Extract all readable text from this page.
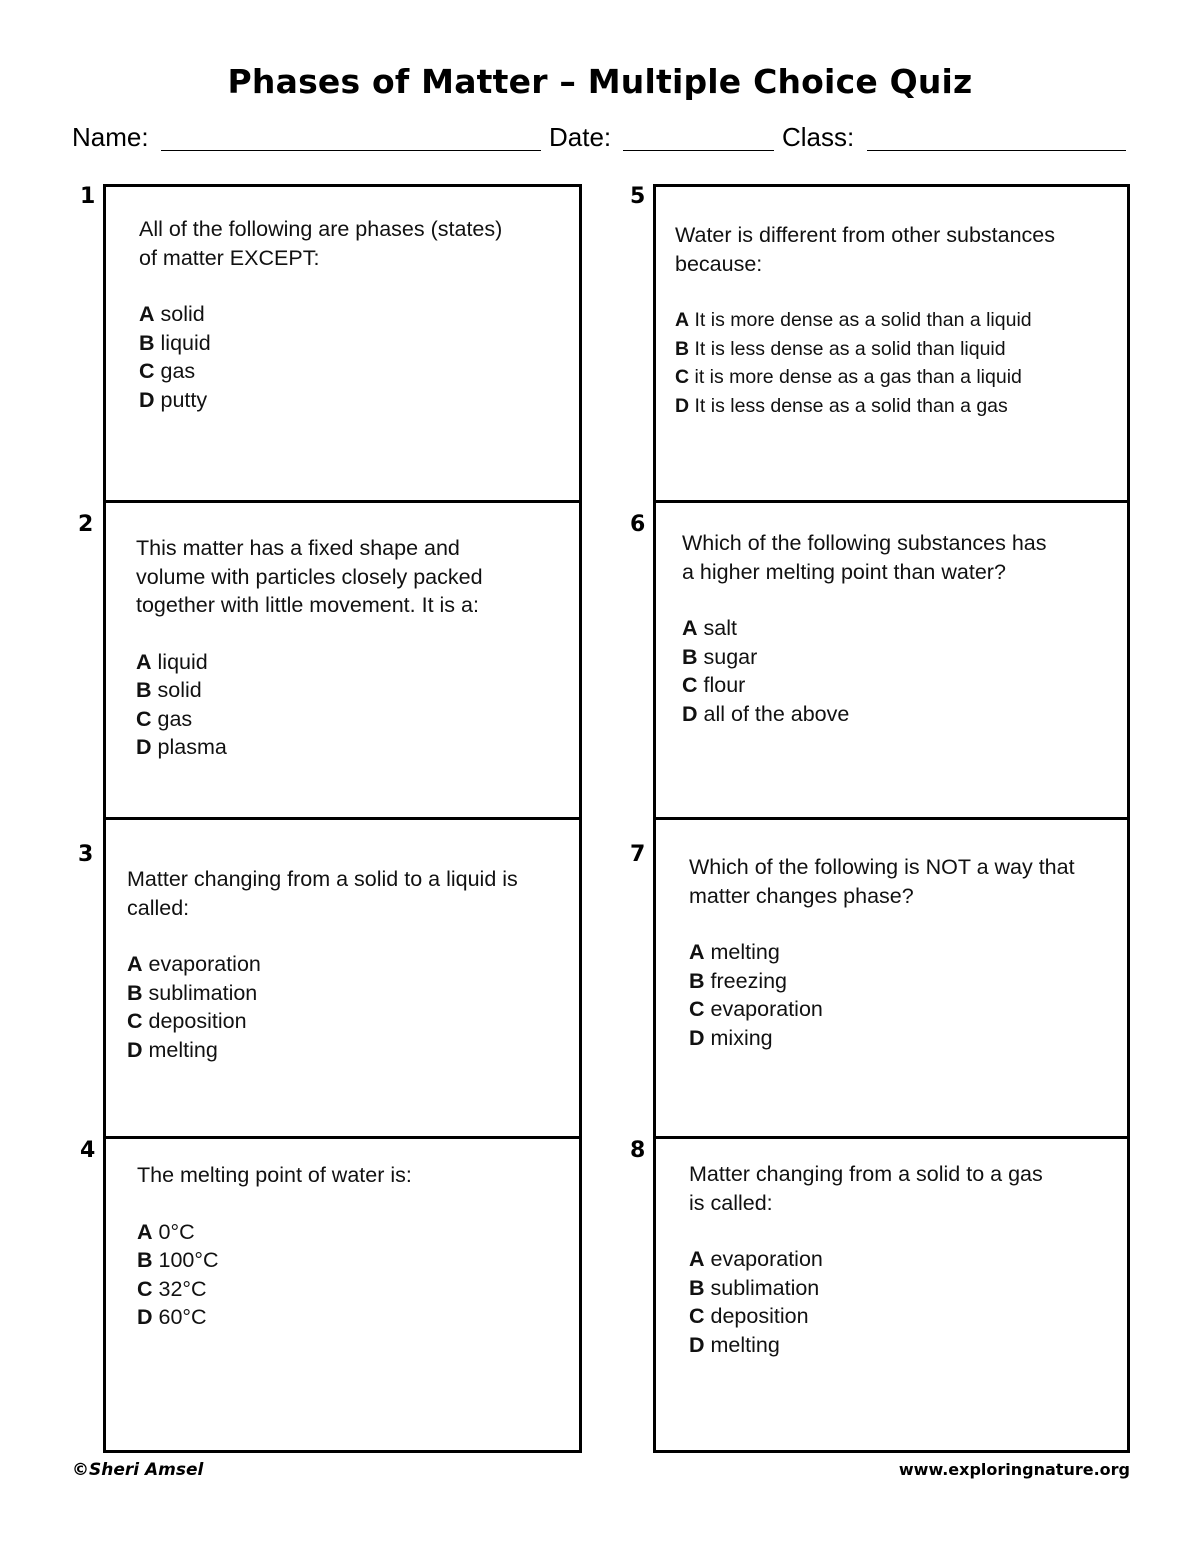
Phases of Matter – Multiple Choice Quiz
Name:	Date:	Class:
1
2
3
4
5
6
7
8

All of the following are phases (states)
of matter EXCEPT:

A solid

B liquid

C gas

D putty

This matter has a fixed shape and
volume with particles closely packed
together with little movement. It is a:

A liquid

B solid

C gas

D plasma

Matter changing from a solid to a liquid is
called:

A evaporation

B sublimation

C deposition

D melting

The melting point of water is:

A 0°C

B 100°C

C 32°C

D 60°C

Water is different from other substances
because:

A It is more dense as a solid than a liquid

B It is less dense as a solid than liquid

C it is more dense as a gas than a liquid

D It is less dense as a solid than a gas

Which of the following substances has
a higher melting point than water?

A salt

B sugar

C flour

D all of the above

Which of the following is NOT a way that
matter changes phase?

A melting

B freezing

C evaporation

D mixing

Matter changing from a solid to a gas
is called:

A evaporation

B sublimation

C deposition

D melting

©Sheri Amsel	www.exploringnature.org
